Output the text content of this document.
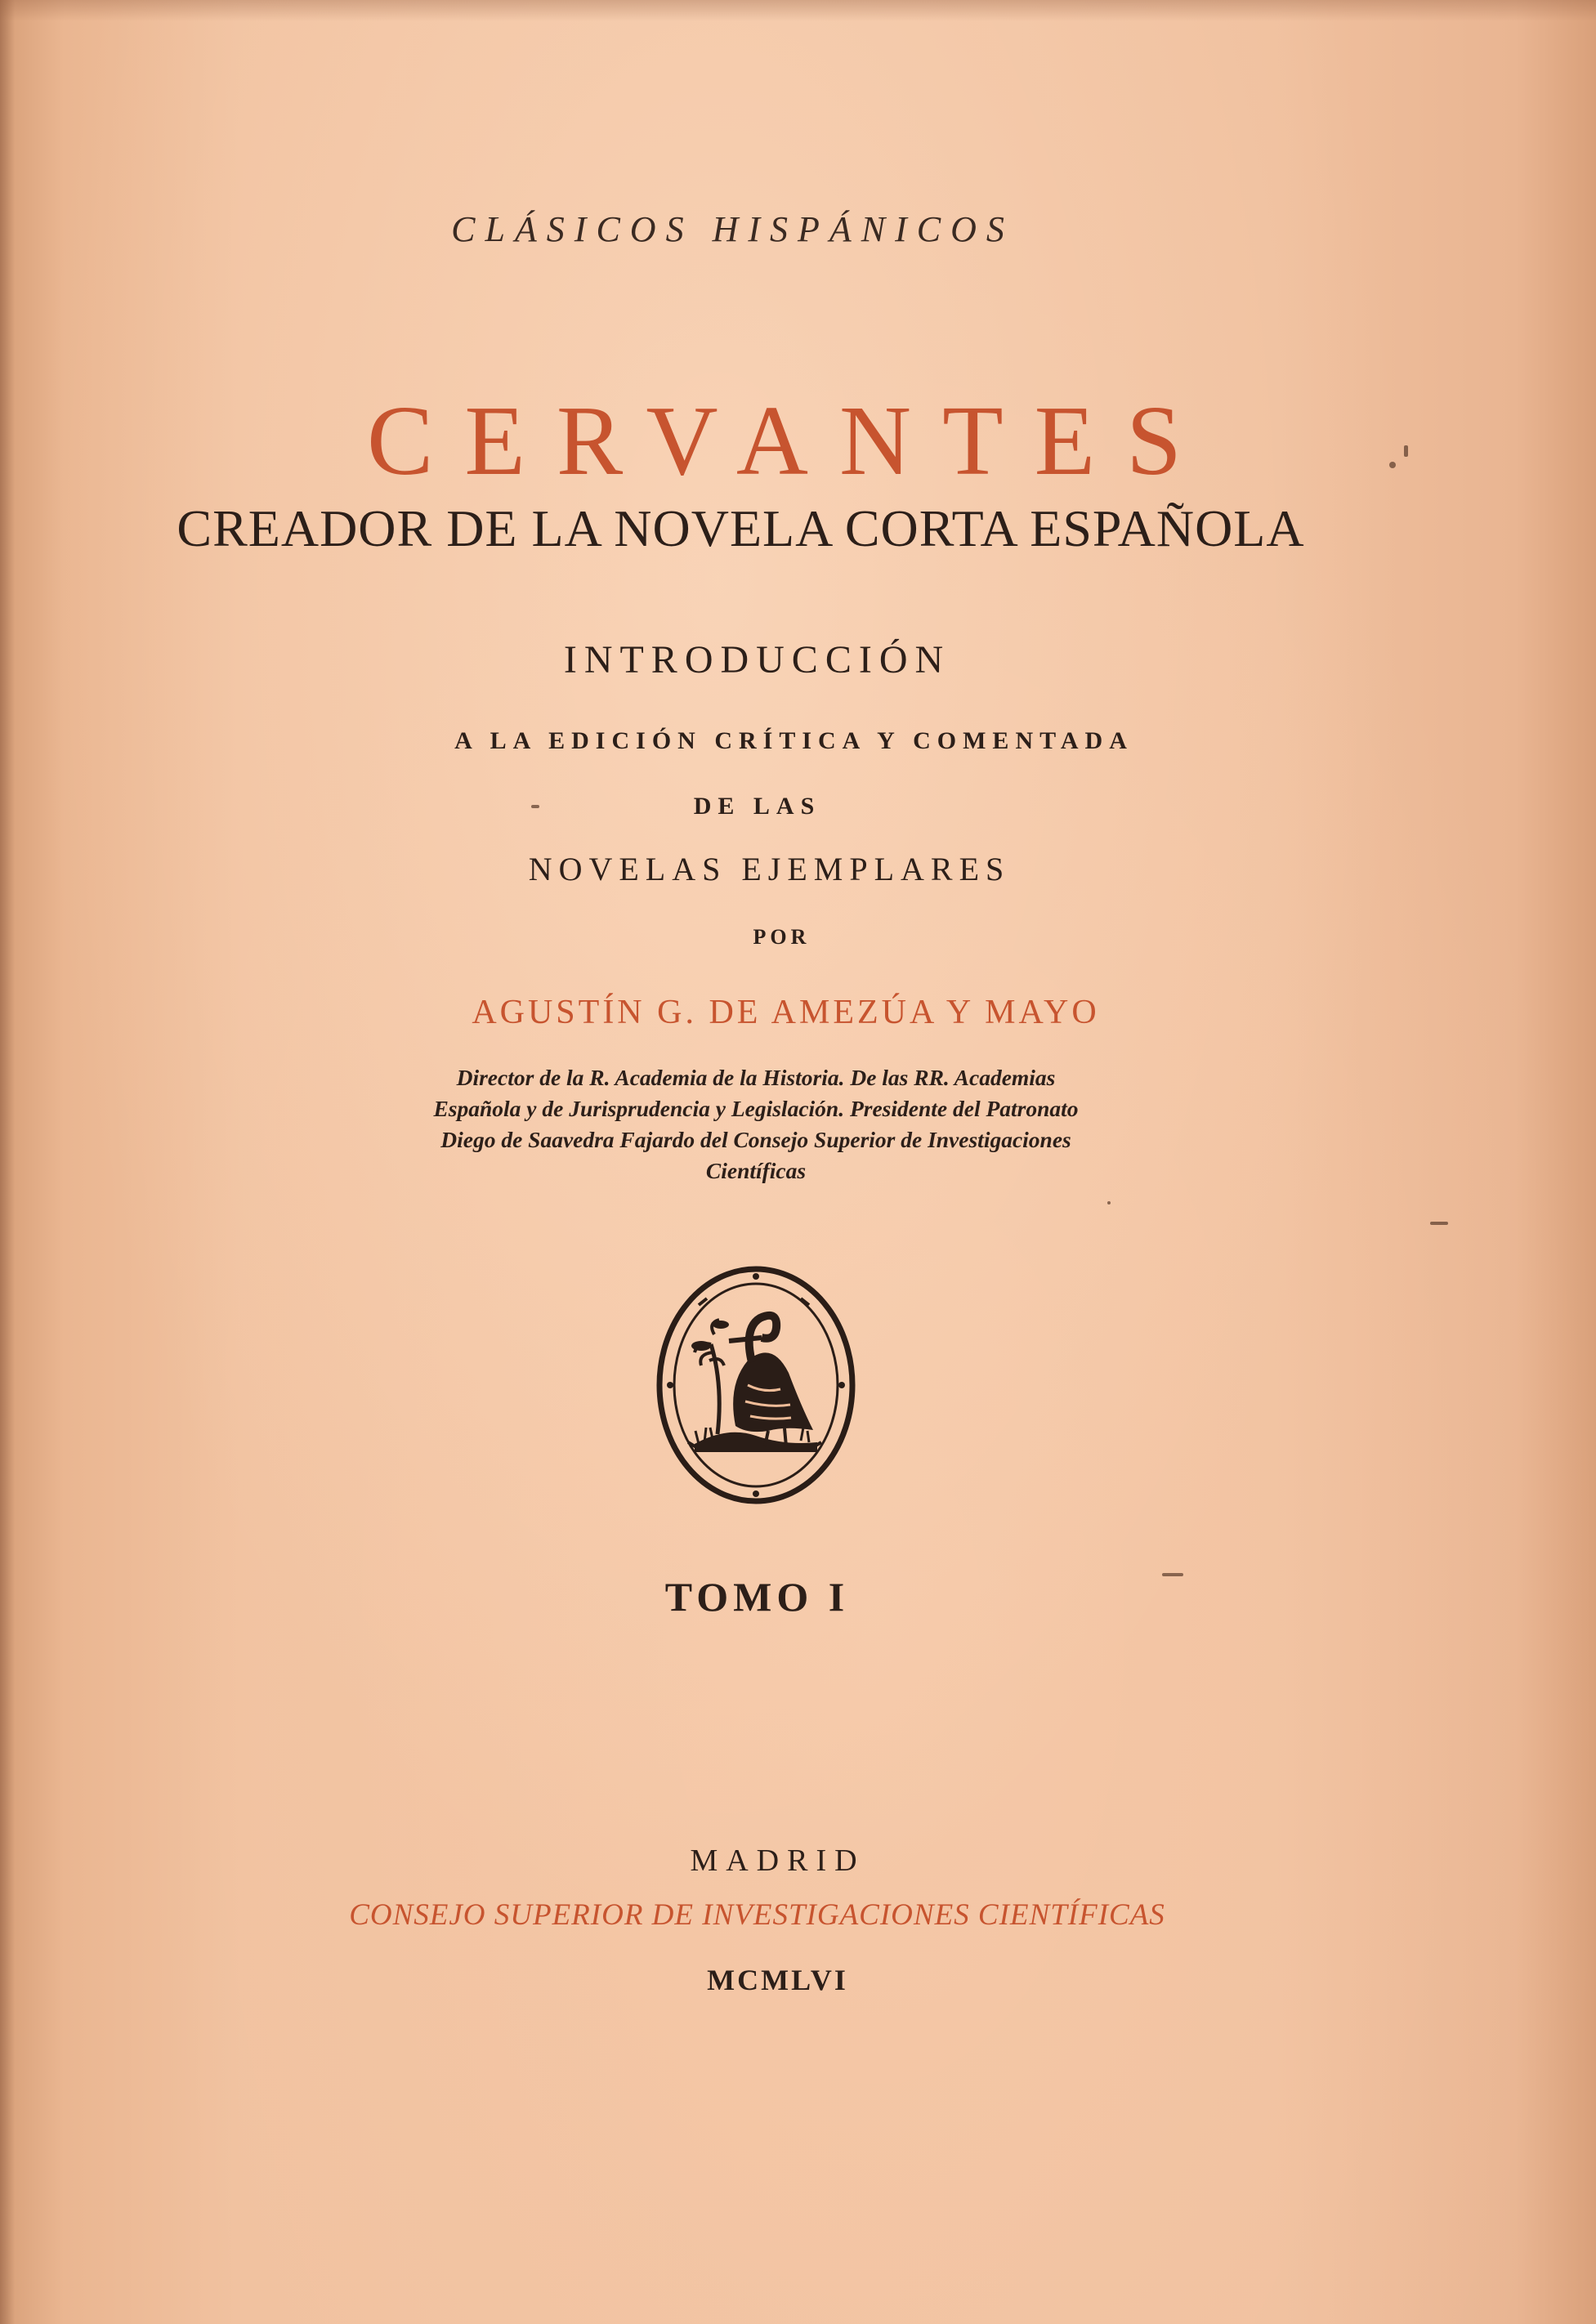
CLÁSICOS HISPÁNICOS

CERVANTES

CREADOR DE LA NOVELA CORTA ESPAÑOLA

INTRODUCCIÓN

A LA EDICIÓN CRÍTICA Y COMENTADA

DE LAS

NOVELAS EJEMPLARES

POR

AGUSTÍN G. DE AMEZÚA Y MAYO

Director de la R. Academia de la Historia. De las RR. Academias Española y de Jurisprudencia y Legislación. Presidente del Patronato Diego de Saavedra Fajardo del Consejo Superior de Investigaciones Científicas

TOMO I

MADRID

CONSEJO SUPERIOR DE INVESTIGACIONES CIENTÍFICAS

MCMLVI
